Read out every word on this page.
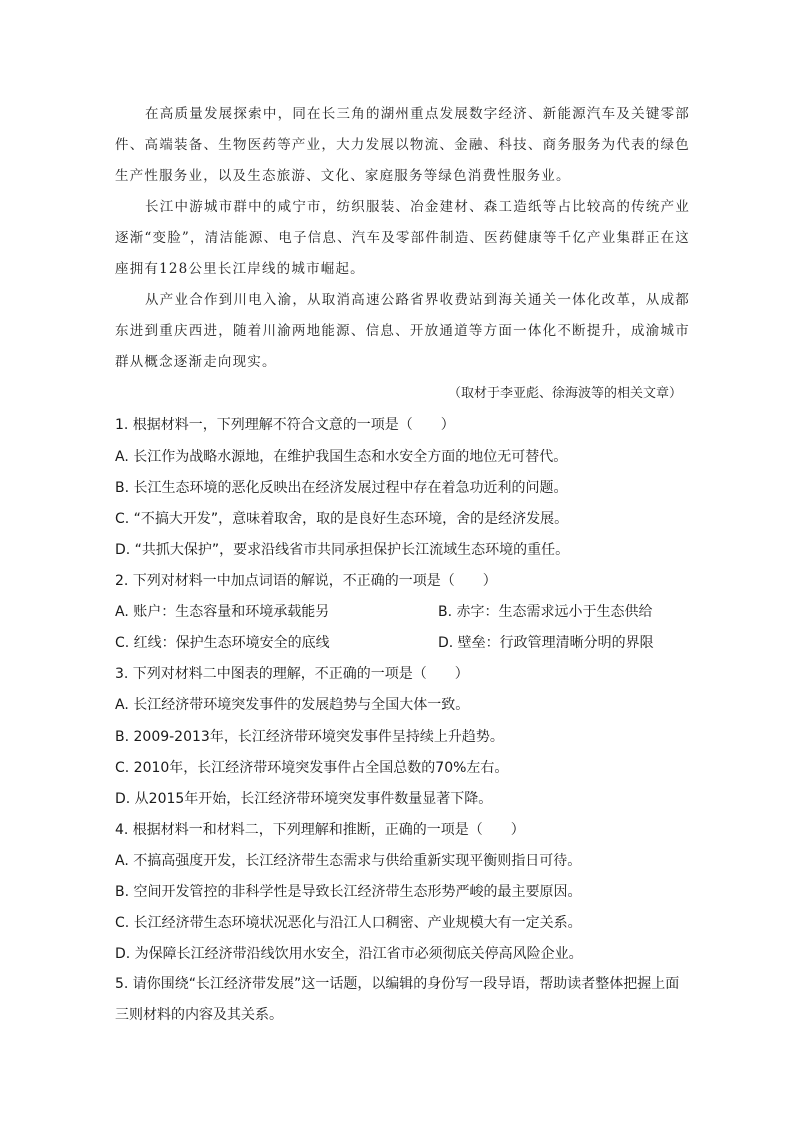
在高质量发展探索中，同在长三角的湖州重点发展数字经济、新能源汽车及关键零部件、高端装备、生物医药等产业，大力发展以物流、金融、科技、商务服务为代表的绿色生产性服务业，以及生态旅游、文化、家庭服务等绿色消费性服务业。
长江中游城市群中的咸宁市，纺织服装、冶金建材、森工造纸等占比较高的传统产业逐渐“变脸”，清洁能源、电子信息、汽车及零部件制造、医药健康等千亿产业集群正在这座拥有128公里长江岸线的城市崛起。
从产业合作到川电入渝，从取消高速公路省界收费站到海关通关一体化改革，从成都东进到重庆西进，随着川渝两地能源、信息、开放通道等方面一体化不断提升，成渝城市群从概念逐渐走向现实。
（取材于李亚彪、徐海波等的相关文章）
1. 根据材料一，下列理解不符合文意的一项是（　　）
A. 长江作为战略水源地，在维护我国生态和水安全方面的地位无可替代。
B. 长江生态环境的恶化反映出在经济发展过程中存在着急功近利的问题。
C. “不搞大开发”，意味着取舍，取的是良好生态环境，舍的是经济发展。
D. “共抓大保护”，要求沿线省市共同承担保护长江流域生态环境的重任。
2. 下列对材料一中加点词语的解说，不正确的一项是（　　）
A. 账户：生态容量和环境承载能另	B. 赤字：生态需求远小于生态供给
C. 红线：保护生态环境安全的底线	D. 壁垒：行政管理清晰分明的界限
3. 下列对材料二中图表的理解，不正确的一项是（　　）
A. 长江经济带环境突发事件的发展趋势与全国大体一致。
B. 2009-2013年，长江经济带环境突发事件呈持续上升趋势。
C. 2010年，长江经济带环境突发事件占全国总数的70%左右。
D. 从2015年开始，长江经济带环境突发事件数量显著下降。
4. 根据材料一和材料二，下列理解和推断，正确的一项是（　　）
A. 不搞高强度开发，长江经济带生态需求与供给重新实现平衡则指日可待。
B. 空间开发管控的非科学性是导致长江经济带生态形势严峻的最主要原因。
C. 长江经济带生态环境状况恶化与沿江人口稠密、产业规模大有一定关系。
D. 为保障长江经济带沿线饮用水安全，沿江省市必须彻底关停高风险企业。
5. 请你围绕“长江经济带发展”这一话题，以编辑的身份写一段导语，帮助读者整体把握上面三则材料的内容及其关系。
